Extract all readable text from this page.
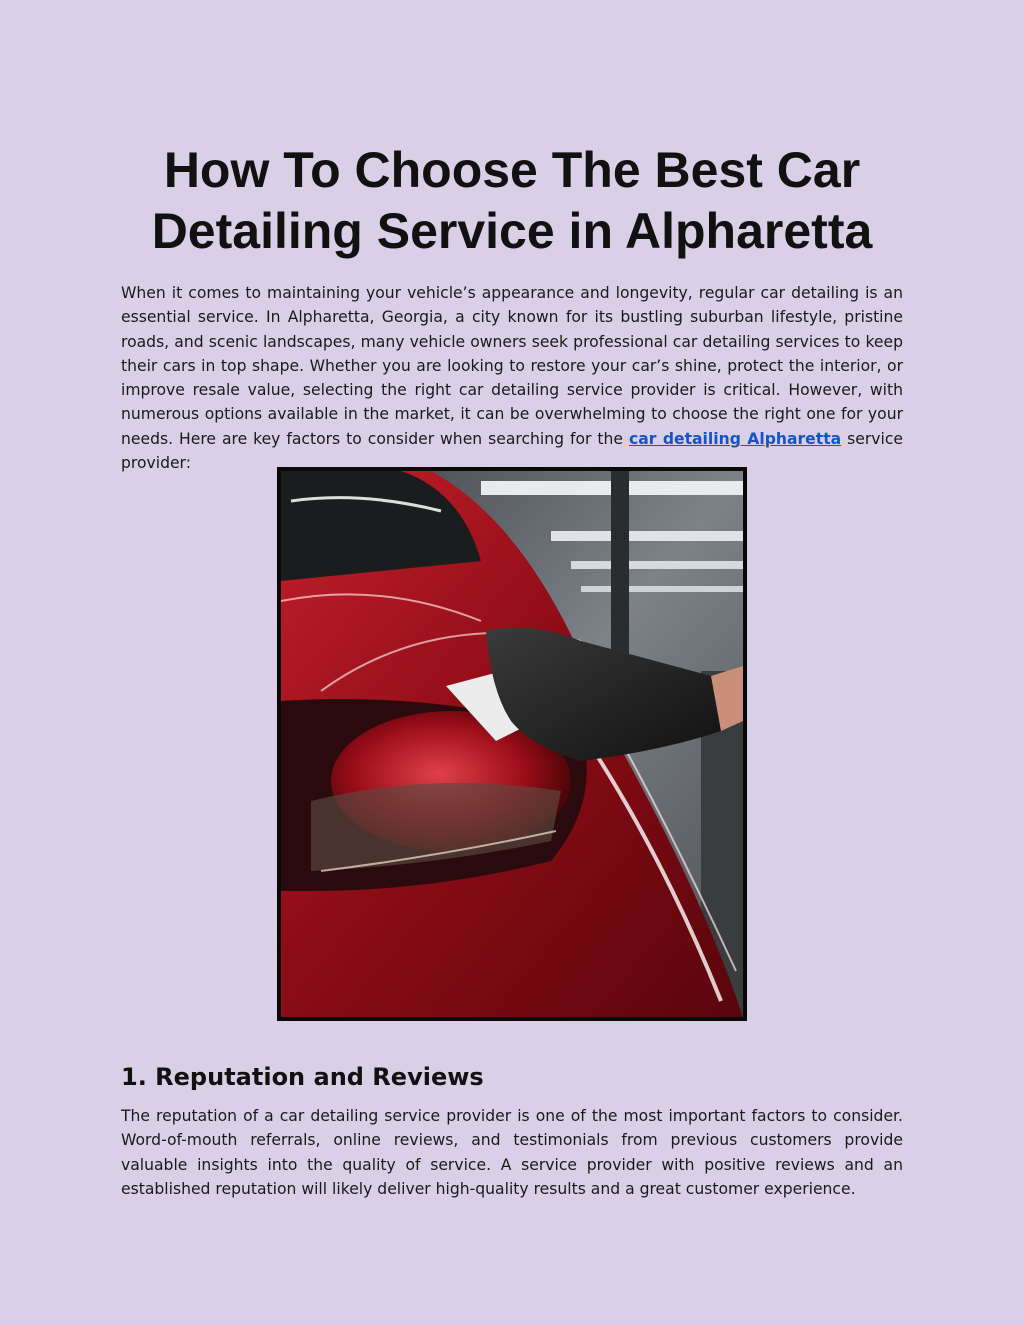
How To Choose The Best Car
Detailing Service in Alpharetta

When it comes to maintaining your vehicle’s appearance and longevity, regular car detailing is an essential service. In Alpharetta, Georgia, a city known for its bustling suburban lifestyle, pristine roads, and scenic landscapes, many vehicle owners seek professional car detailing services to keep their cars in top shape. Whether you are looking to restore your car’s shine, protect the interior, or improve resale value, selecting the right car detailing service provider is critical. However, with numerous options available in the market, it can be overwhelming to choose the right one for your needs. Here are key factors to consider when searching for the car detailing Alpharetta service provider:

1. Reputation and Reviews

The reputation of a car detailing service provider is one of the most important factors to consider. Word-of-mouth referrals, online reviews, and testimonials from previous customers provide valuable insights into the quality of service. A service provider with positive reviews and an established reputation will likely deliver high-quality results and a great customer experience.
